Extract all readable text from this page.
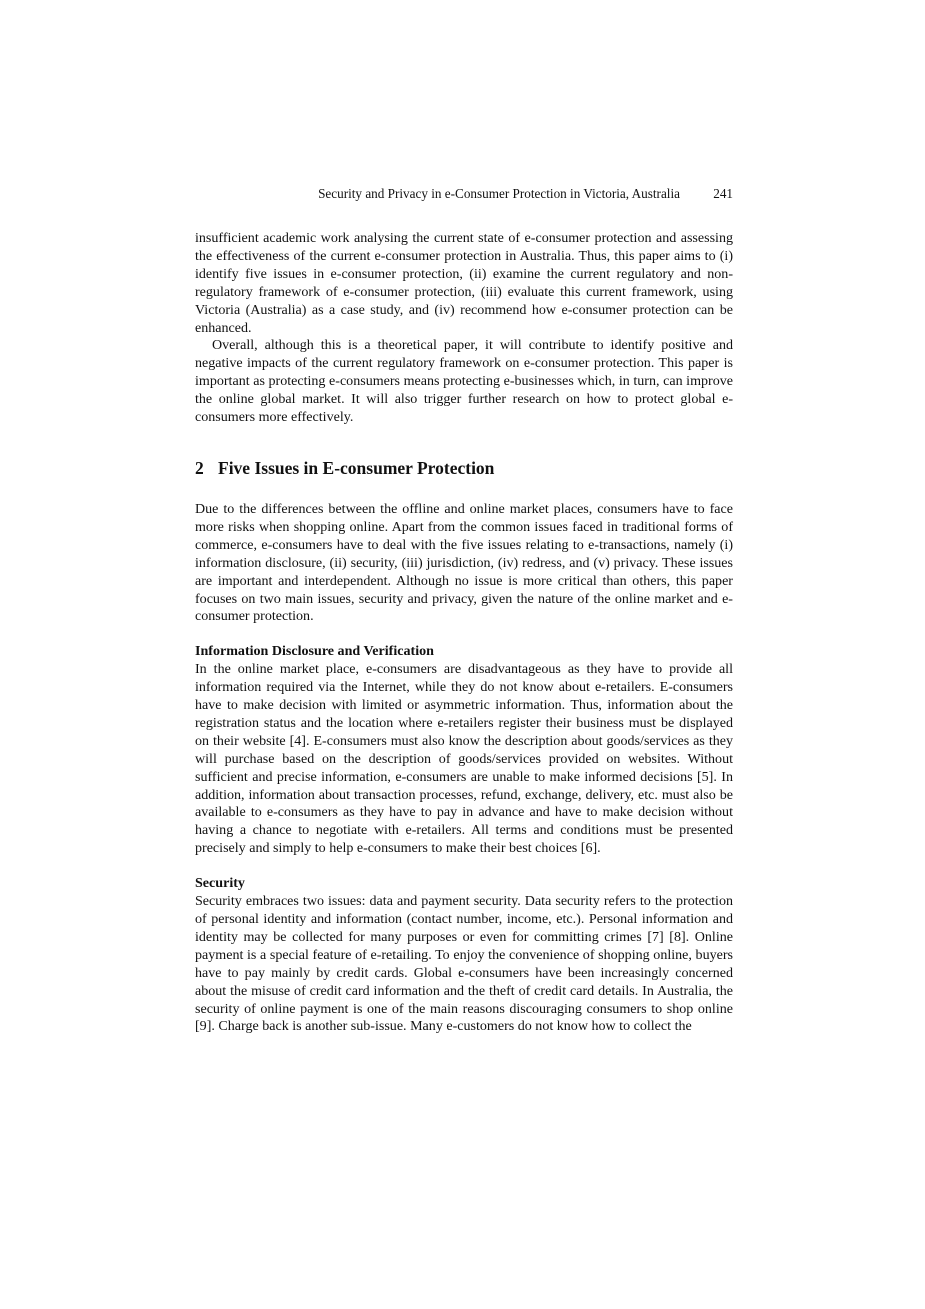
Security and Privacy in e-Consumer Protection in Victoria, Australia	241

insufficient academic work analysing the current state of e-consumer protection and assessing the effectiveness of the current e-consumer protection in Australia. Thus, this paper aims to (i) identify five issues in e-consumer protection, (ii) examine the current regulatory and non-regulatory framework of e-consumer protection, (iii) evaluate this current framework, using Victoria (Australia) as a case study, and (iv) recommend how e-consumer protection can be enhanced.

Overall, although this is a theoretical paper, it will contribute to identify positive and negative impacts of the current regulatory framework on e-consumer protection. This paper is important as protecting e-consumers means protecting e-businesses which, in turn, can improve the online global market. It will also trigger further research on how to protect global e-consumers more effectively.

2 Five Issues in E-consumer Protection

Due to the differences between the offline and online market places, consumers have to face more risks when shopping online. Apart from the common issues faced in traditional forms of commerce, e-consumers have to deal with the five issues relating to e-transactions, namely (i) information disclosure, (ii) security, (iii) jurisdiction, (iv) redress, and (v) privacy. These issues are important and interdependent. Although no issue is more critical than others, this paper focuses on two main issues, security and privacy, given the nature of the online market and e-consumer protection.

Information Disclosure and Verification

In the online market place, e-consumers are disadvantageous as they have to provide all information required via the Internet, while they do not know about e-retailers. E-consumers have to make decision with limited or asymmetric information. Thus, information about the registration status and the location where e-retailers register their business must be displayed on their website [4]. E-consumers must also know the description about goods/services as they will purchase based on the description of goods/services provided on websites. Without sufficient and precise information, e-consumers are unable to make informed decisions [5]. In addition, information about transaction processes, refund, exchange, delivery, etc. must also be available to e-consumers as they have to pay in advance and have to make decision without having a chance to negotiate with e-retailers. All terms and conditions must be presented precisely and simply to help e-consumers to make their best choices [6].

Security

Security embraces two issues: data and payment security. Data security refers to the protection of personal identity and information (contact number, income, etc.). Personal information and identity may be collected for many purposes or even for committing crimes [7] [8]. Online payment is a special feature of e-retailing. To enjoy the convenience of shopping online, buyers have to pay mainly by credit cards. Global e-consumers have been increasingly concerned about the misuse of credit card information and the theft of credit card details. In Australia, the security of online payment is one of the main reasons discouraging consumers to shop online [9]. Charge back is another sub-issue. Many e-customers do not know how to collect the
